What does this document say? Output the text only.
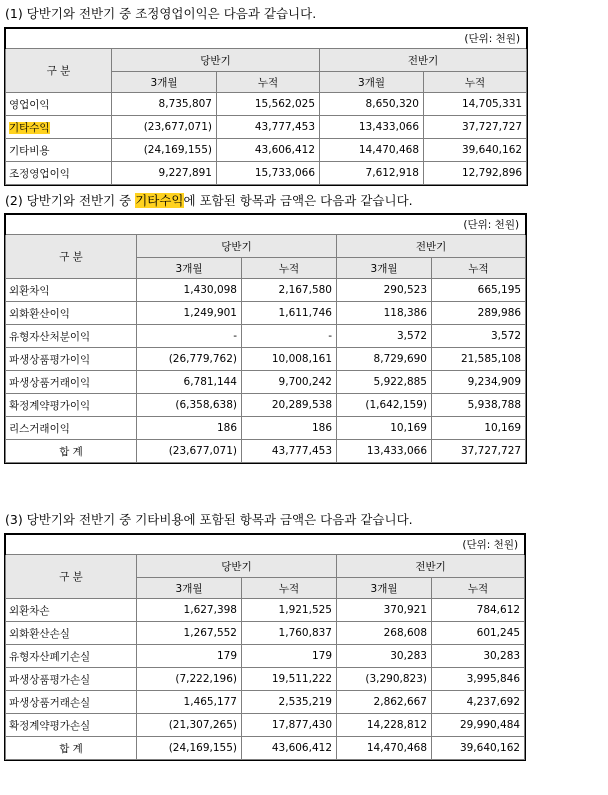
(1) 당반기와 전반기 중 조정영업이익은 다음과 같습니다.
(단위: 천원)				
구 분	당반기		전반기	
	3개월	누적	3개월	누적
영업이익	8,735,807	15,562,025	8,650,320	14,705,331
기타수익	(23,677,071)	43,777,453	13,433,066	37,727,727
기타비용	(24,169,155)	43,606,412	14,470,468	39,640,162
조정영업이익	9,227,891	15,733,066	7,612,918	12,792,896
(2) 당반기와 전반기 중 기타수익에 포함된 항목과 금액은 다음과 같습니다.
(단위: 천원)				
구 분	당반기		전반기	
	3개월	누적	3개월	누적
외환차익	1,430,098	2,167,580	290,523	665,195
외화환산이익	1,249,901	1,611,746	118,386	289,986
유형자산처분이익	-	-	3,572	3,572
파생상품평가이익	(26,779,762)	10,008,161	8,729,690	21,585,108
파생상품거래이익	6,781,144	9,700,242	5,922,885	9,234,909
확정계약평가이익	(6,358,638)	20,289,538	(1,642,159)	5,938,788
리스거래이익	186	186	10,169	10,169
합 계	(23,677,071)	43,777,453	13,433,066	37,727,727
(3) 당반기와 전반기 중 기타비용에 포함된 항목과 금액은 다음과 같습니다.
(단위: 천원)				
구 분	당반기		전반기	
	3개월	누적	3개월	누적
외환차손	1,627,398	1,921,525	370,921	784,612
외화환산손실	1,267,552	1,760,837	268,608	601,245
유형자산폐기손실	179	179	30,283	30,283
파생상품평가손실	(7,222,196)	19,511,222	(3,290,823)	3,995,846
파생상품거래손실	1,465,177	2,535,219	2,862,667	4,237,692
확정계약평가손실	(21,307,265)	17,877,430	14,228,812	29,990,484
합 계	(24,169,155)	43,606,412	14,470,468	39,640,162
